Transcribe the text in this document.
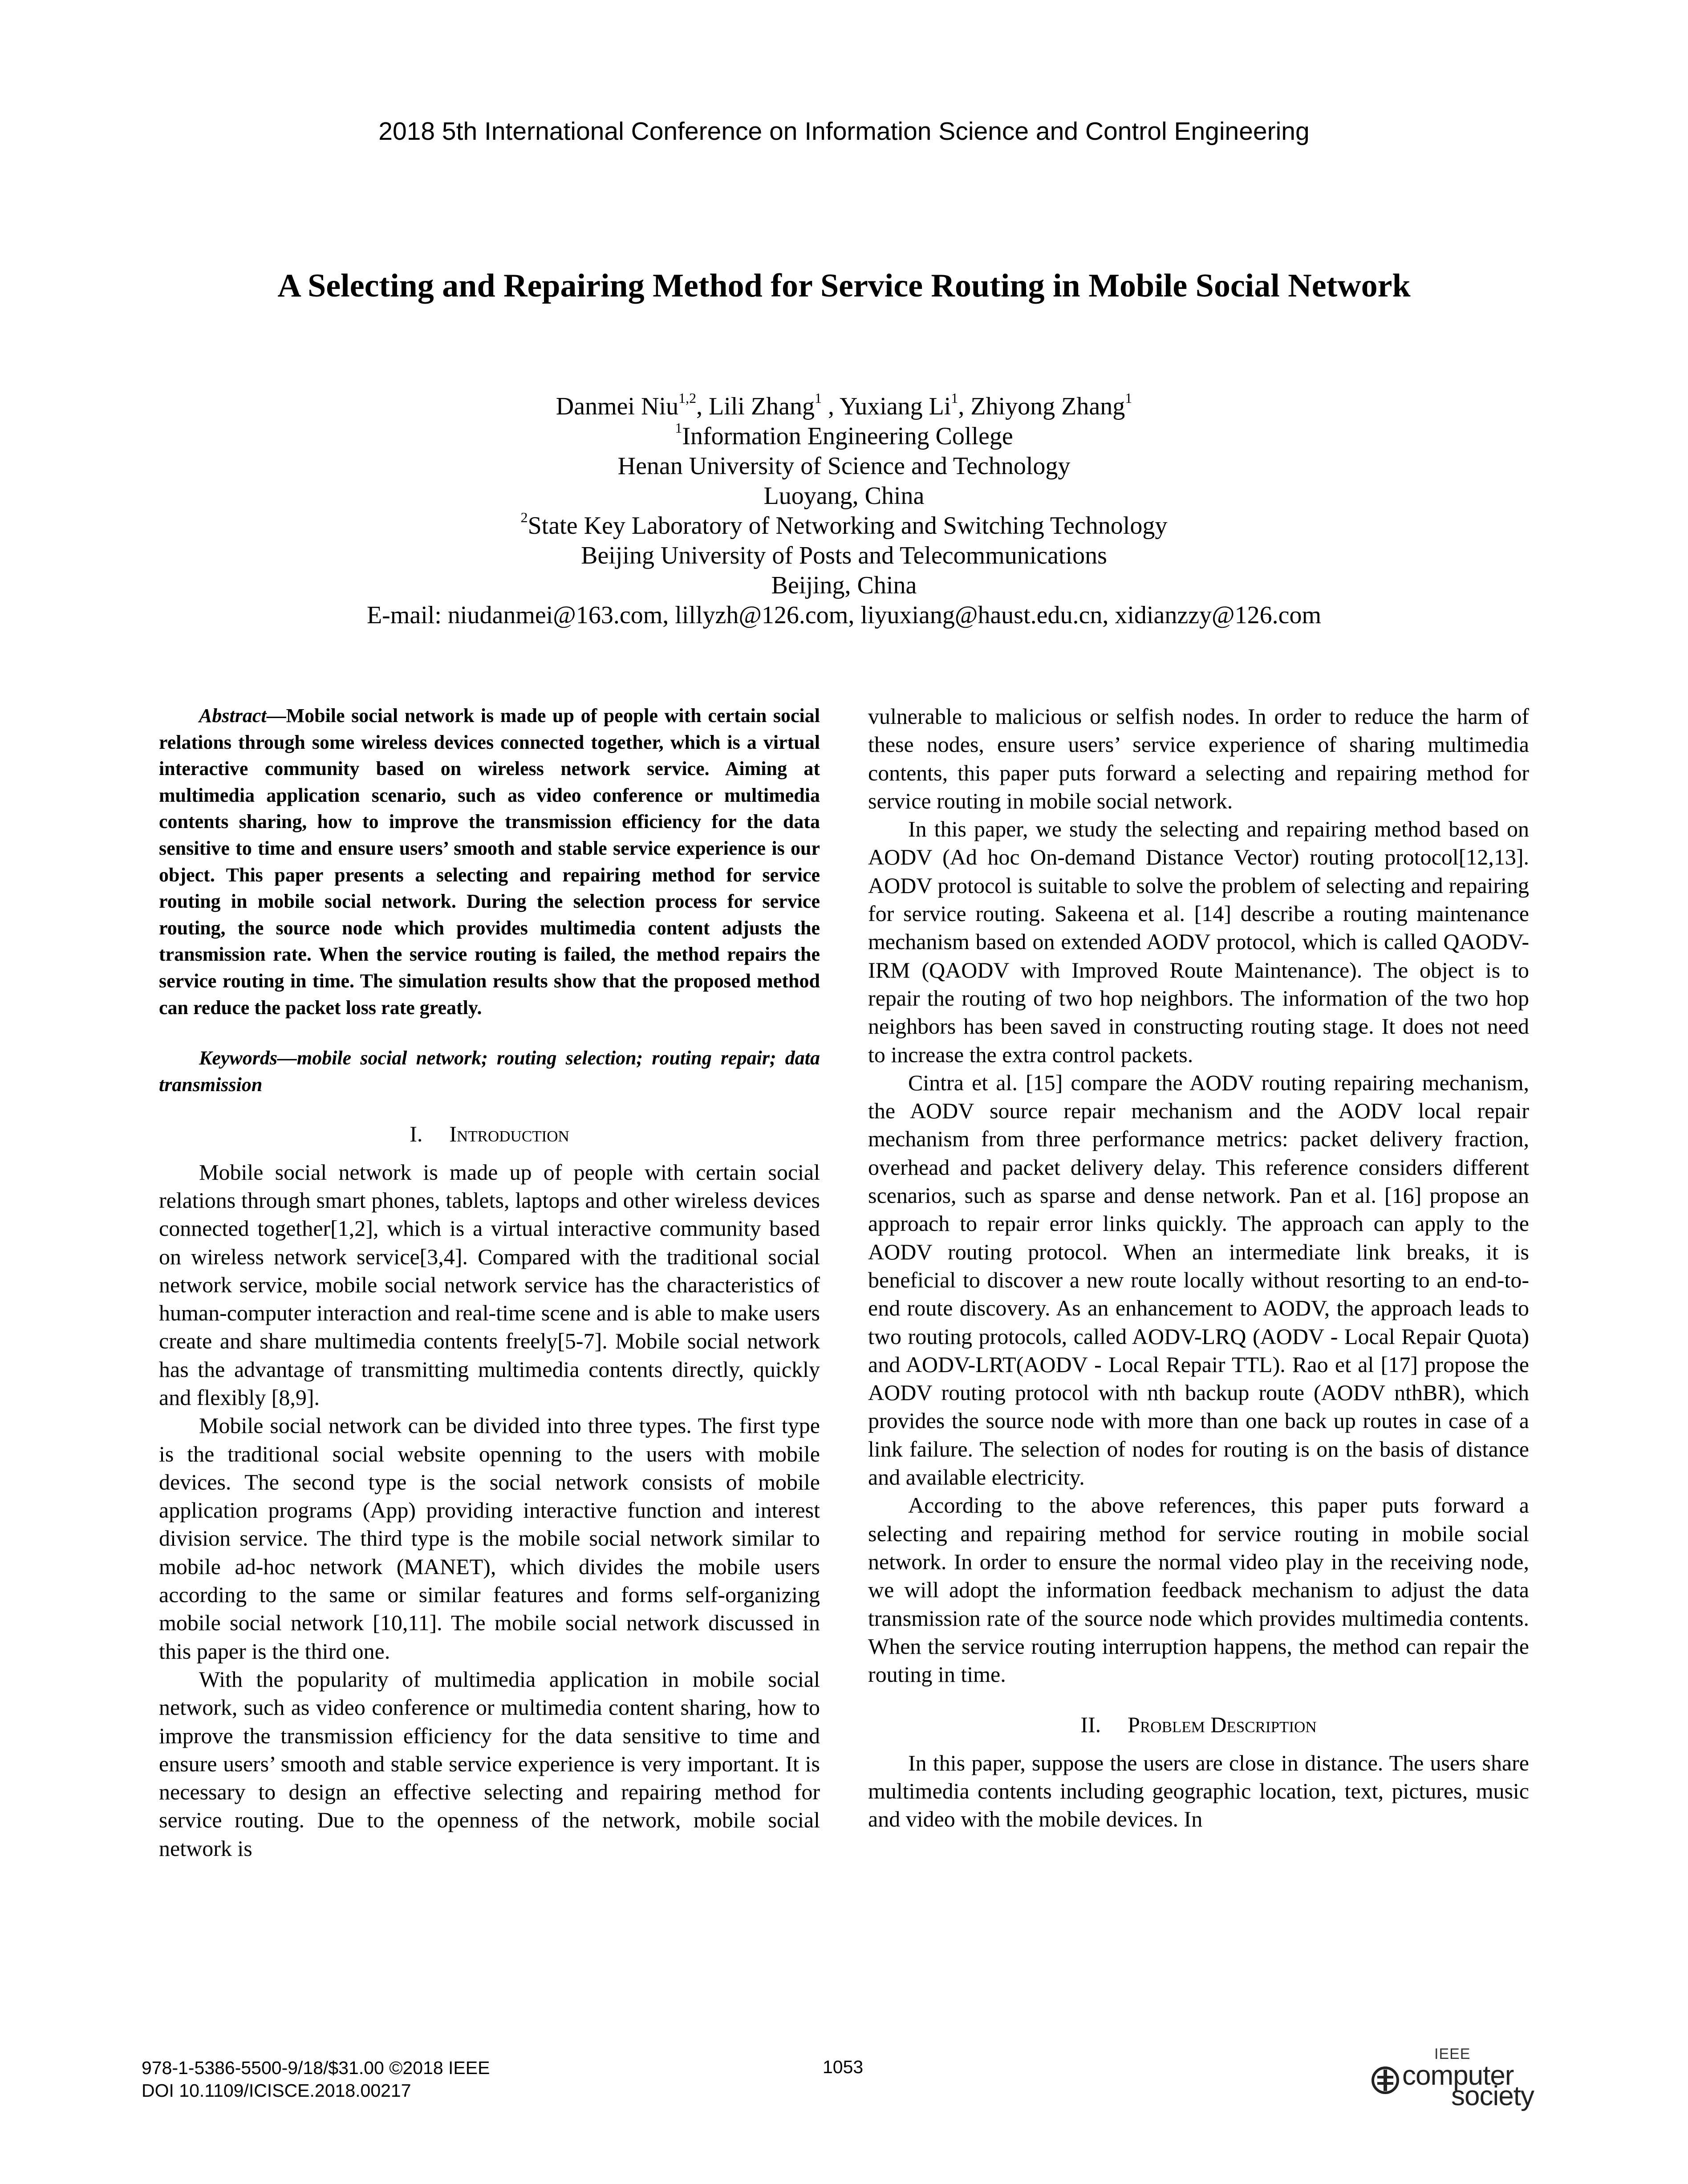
2018 5th International Conference on Information Science and Control Engineering
A Selecting and Repairing Method for Service Routing in Mobile Social Network
Danmei Niu$^{1,2}$, Lili Zhang$^1$ , Yuxiang Li$^1$, Zhiyong Zhang$^1$
$^1$Information Engineering College
Henan University of Science and Technology
Luoyang, China
$^2$State Key Laboratory of Networking and Switching Technology
Beijing University of Posts and Telecommunications
Beijing, China
E-mail: niudanmei@163.com, lillyzh@126.com, liyuxiang@haust.edu.cn, xidianzzy@126.com

Abstract—Mobile social network is made up of people with certain social relations through some wireless devices connected together, which is a virtual interactive community based on wireless network service. Aiming at multimedia application scenario, such as video conference or multimedia contents sharing, how to improve the transmission efficiency for the data sensitive to time and ensure users’ smooth and stable service experience is our object. This paper presents a selecting and repairing method for service routing in mobile social network. During the selection process for service routing, the source node which provides multimedia content adjusts the transmission rate. When the service routing is failed, the method repairs the service routing in time. The simulation results show that the proposed method can reduce the packet loss rate greatly.

Keywords—mobile social network; routing selection; routing repair; data transmission

I. Introduction

Mobile social network is made up of people with certain social relations through smart phones, tablets, laptops and other wireless devices connected together[1,2], which is a virtual interactive community based on wireless network service[3,4]. Compared with the traditional social network service, mobile social network service has the characteristics of human-computer interaction and real-time scene and is able to make users create and share multimedia contents freely[5-7]. Mobile social network has the advantage of transmitting multimedia contents directly, quickly and flexibly [8,9].

Mobile social network can be divided into three types. The first type is the traditional social website openning to the users with mobile devices. The second type is the social network consists of mobile application programs (App) providing interactive function and interest division service. The third type is the mobile social network similar to mobile ad-hoc network (MANET), which divides the mobile users according to the same or similar features and forms self-organizing mobile social network [10,11]. The mobile social network discussed in this paper is the third one.

With the popularity of multimedia application in mobile social network, such as video conference or multimedia content sharing, how to improve the transmission efficiency for the data sensitive to time and ensure users’ smooth and stable service experience is very important. It is necessary to design an effective selecting and repairing method for service routing. Due to the openness of the network, mobile social network is

vulnerable to malicious or selfish nodes. In order to reduce the harm of these nodes, ensure users’ service experience of sharing multimedia contents, this paper puts forward a selecting and repairing method for service routing in mobile social network.

In this paper, we study the selecting and repairing method based on AODV (Ad hoc On-demand Distance Vector) routing protocol[12,13]. AODV protocol is suitable to solve the problem of selecting and repairing for service routing. Sakeena et al. [14] describe a routing maintenance mechanism based on extended AODV protocol, which is called QAODV-IRM (QAODV with Improved Route Maintenance). The object is to repair the routing of two hop neighbors. The information of the two hop neighbors has been saved in constructing routing stage. It does not need to increase the extra control packets.

Cintra et al. [15] compare the AODV routing repairing mechanism, the AODV source repair mechanism and the AODV local repair mechanism from three performance metrics: packet delivery fraction, overhead and packet delivery delay. This reference considers different scenarios, such as sparse and dense network. Pan et al. [16] propose an approach to repair error links quickly. The approach can apply to the AODV routing protocol. When an intermediate link breaks, it is beneficial to discover a new route locally without resorting to an end-to-end route discovery. As an enhancement to AODV, the approach leads to two routing protocols, called AODV-LRQ (AODV - Local Repair Quota) and AODV-LRT(AODV - Local Repair TTL). Rao et al [17] propose the AODV routing protocol with nth backup route (AODV nthBR), which provides the source node with more than one back up routes in case of a link failure. The selection of nodes for routing is on the basis of distance and available electricity.

According to the above references, this paper puts forward a selecting and repairing method for service routing in mobile social network. In order to ensure the normal video play in the receiving node, we will adopt the information feedback mechanism to adjust the data transmission rate of the source node which provides multimedia contents. When the service routing interruption happens, the method can repair the routing in time.

II. Problem Description

In this paper, suppose the users are close in distance. The users share multimedia contents including geographic location, text, pictures, music and video with the mobile devices. In

978-1-5386-5500-9/18/$31.00 ©2018 IEEE
DOI 10.1109/ICISCE.2018.00217
1053
IEEE
computer
society
